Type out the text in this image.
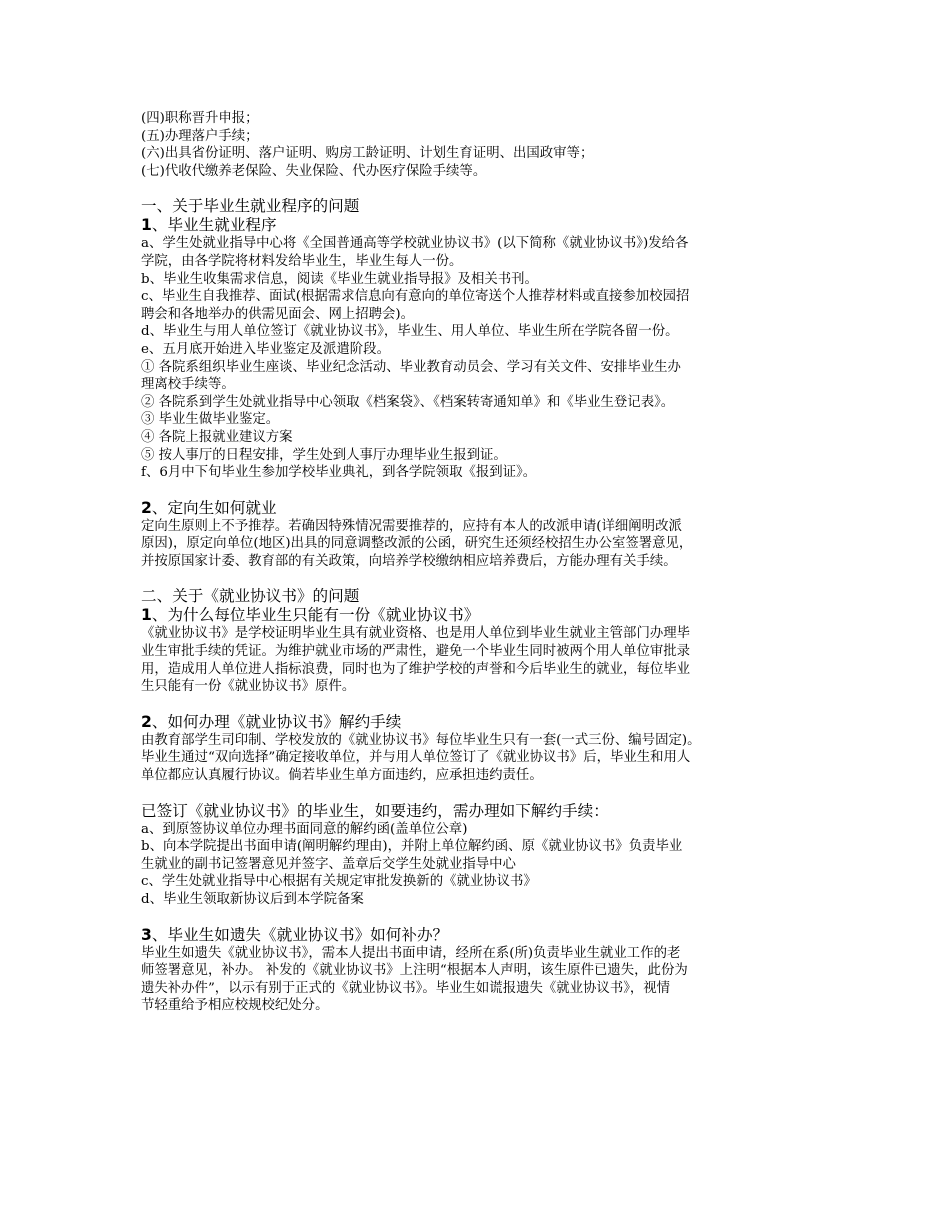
(四)职称晋升申报；

(五)办理落户手续；

(六)出具省份证明、落户证明、购房工龄证明、计划生育证明、出国政审等；

(七)代收代缴养老保险、失业保险、代办医疗保险手续等。

一、关于毕业生就业程序的问题

1、毕业生就业程序

a、学生处就业指导中心将《全国普通高等学校就业协议书》(以下简称《就业协议书》)发给各

学院，由各学院将材料发给毕业生，毕业生每人一份。

b、毕业生收集需求信息，阅读《毕业生就业指导报》及相关书刊。

c、毕业生自我推荐、面试(根据需求信息向有意向的单位寄送个人推荐材料或直接参加校园招

聘会和各地举办的供需见面会、网上招聘会)。

d、毕业生与用人单位签订《就业协议书》，毕业生、用人单位、毕业生所在学院各留一份。

e、五月底开始进入毕业鉴定及派遣阶段。

① 各院系组织毕业生座谈、毕业纪念活动、毕业教育动员会、学习有关文件、安排毕业生办

理离校手续等。

② 各院系到学生处就业指导中心领取《档案袋》、《档案转寄通知单》和《毕业生登记表》。

③ 毕业生做毕业鉴定。

④ 各院上报就业建议方案

⑤ 按人事厅的日程安排，学生处到人事厅办理毕业生报到证。

f、6月中下旬毕业生参加学校毕业典礼，到各学院领取《报到证》。

2、定向生如何就业

定向生原则上不予推荐。若确因特殊情况需要推荐的，应持有本人的改派申请(详细阐明改派

原因)，原定向单位(地区)出具的同意调整改派的公函，研究生还须经校招生办公室签署意见，

并按原国家计委、教育部的有关政策，向培养学校缴纳相应培养费后，方能办理有关手续。

二、关于《就业协议书》的问题

1、为什么每位毕业生只能有一份《就业协议书》

《就业协议书》是学校证明毕业生具有就业资格、也是用人单位到毕业生就业主管部门办理毕

业生审批手续的凭证。为维护就业市场的严肃性，避免一个毕业生同时被两个用人单位审批录

用，造成用人单位进人指标浪费，同时也为了维护学校的声誉和今后毕业生的就业，每位毕业

生只能有一份《就业协议书》原件。

2、如何办理《就业协议书》解约手续

由教育部学生司印制、学校发放的《就业协议书》每位毕业生只有一套(一式三份、编号固定)。

毕业生通过“双向选择”确定接收单位，并与用人单位签订了《就业协议书》后，毕业生和用人

单位都应认真履行协议。倘若毕业生单方面违约，应承担违约责任。

已签订《就业协议书》的毕业生，如要违约，需办理如下解约手续：

a、到原签协议单位办理书面同意的解约函(盖单位公章)

b、向本学院提出书面申请(阐明解约理由)，并附上单位解约函、原《就业协议书》负责毕业

生就业的副书记签署意见并签字、盖章后交学生处就业指导中心

c、学生处就业指导中心根据有关规定审批发换新的《就业协议书》

d、毕业生领取新协议后到本学院备案

3、毕业生如遗失《就业协议书》如何补办？

毕业生如遗失《就业协议书》，需本人提出书面申请，经所在系(所)负责毕业生就业工作的老

师签署意见，补办。 补发的《就业协议书》上注明“根据本人声明，该生原件已遗失，此份为

遗失补办件”，以示有别于正式的《就业协议书》。毕业生如谎报遗失《就业协议书》，视情

节轻重给予相应校规校纪处分。
